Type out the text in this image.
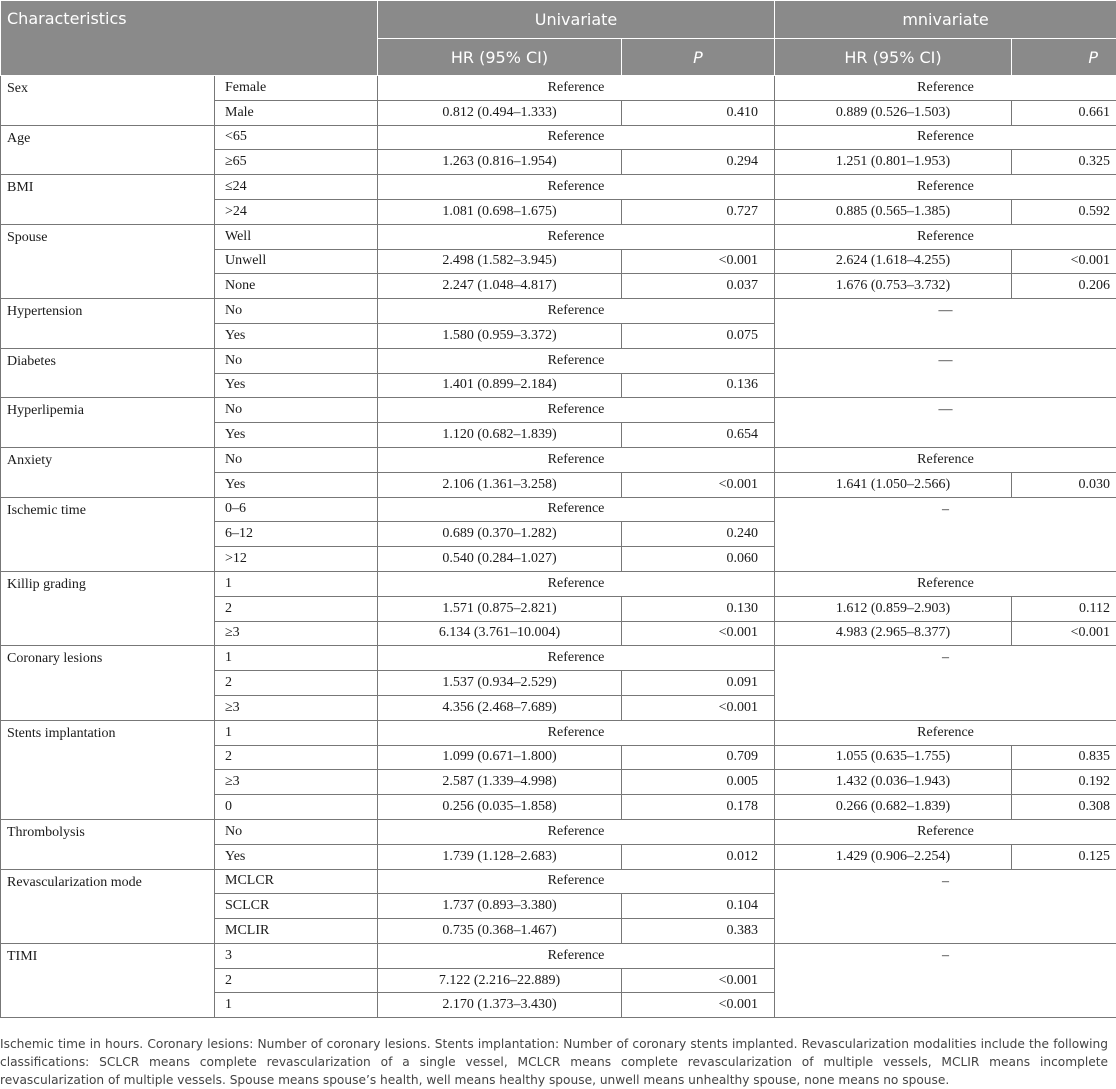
Characteristics		Univariate		mnivariate	
		HR (95% CI)	P	HR (95% CI)	P
Sex	Female	Reference		Reference	
	Male	0.812 (0.494–1.333)	0.410	0.889 (0.526–1.503)	0.661
Age	<65	Reference		Reference	
	≥65	1.263 (0.816–1.954)	0.294	1.251 (0.801–1.953)	0.325
BMI	≤24	Reference		Reference	
	>24	1.081 (0.698–1.675)	0.727	0.885 (0.565–1.385)	0.592
Spouse	Well	Reference		Reference	
	Unwell	2.498 (1.582–3.945)	<0.001	2.624 (1.618–4.255)	<0.001
	None	2.247 (1.048–4.817)	0.037	1.676 (0.753–3.732)	0.206
Hypertension	No	Reference		—	
	Yes	1.580 (0.959–3.372)	0.075		
Diabetes	No	Reference		—	
	Yes	1.401 (0.899–2.184)	0.136		
Hyperlipemia	No	Reference		—	
	Yes	1.120 (0.682–1.839)	0.654		
Anxiety	No	Reference		Reference	
	Yes	2.106 (1.361–3.258)	<0.001	1.641 (1.050–2.566)	0.030
Ischemic time	0–6	Reference		–	
	6–12	0.689 (0.370–1.282)	0.240		
	>12	0.540 (0.284–1.027)	0.060		
Killip grading	1	Reference		Reference	
	2	1.571 (0.875–2.821)	0.130	1.612 (0.859–2.903)	0.112
	≥3	6.134 (3.761–10.004)	<0.001	4.983 (2.965–8.377)	<0.001
Coronary lesions	1	Reference		–	
	2	1.537 (0.934–2.529)	0.091		
	≥3	4.356 (2.468–7.689)	<0.001		
Stents implantation	1	Reference		Reference	
	2	1.099 (0.671–1.800)	0.709	1.055 (0.635–1.755)	0.835
	≥3	2.587 (1.339–4.998)	0.005	1.432 (0.036–1.943)	0.192
	0	0.256 (0.035–1.858)	0.178	0.266 (0.682–1.839)	0.308
Thrombolysis	No	Reference		Reference	
	Yes	1.739 (1.128–2.683)	0.012	1.429 (0.906–2.254)	0.125
Revascularization mode	MCLCR	Reference		–	
	SCLCR	1.737 (0.893–3.380)	0.104		
	MCLIR	0.735 (0.368–1.467)	0.383		
TIMI	3	Reference		–	
	2	7.122 (2.216–22.889)	<0.001		
	1	2.170 (1.373–3.430)	<0.001		
Ischemic time in hours. Coronary lesions: Number of coronary lesions. Stents implantation: Number of coronary stents implanted. Revascularization modalities include the following classifications: SCLCR means complete revascularization of a single vessel, MCLCR means complete revascularization of multiple vessels, MCLIR means incomplete revascularization of multiple vessels. Spouse means spouse’s health, well means healthy spouse, unwell means unhealthy spouse, none means no spouse.
